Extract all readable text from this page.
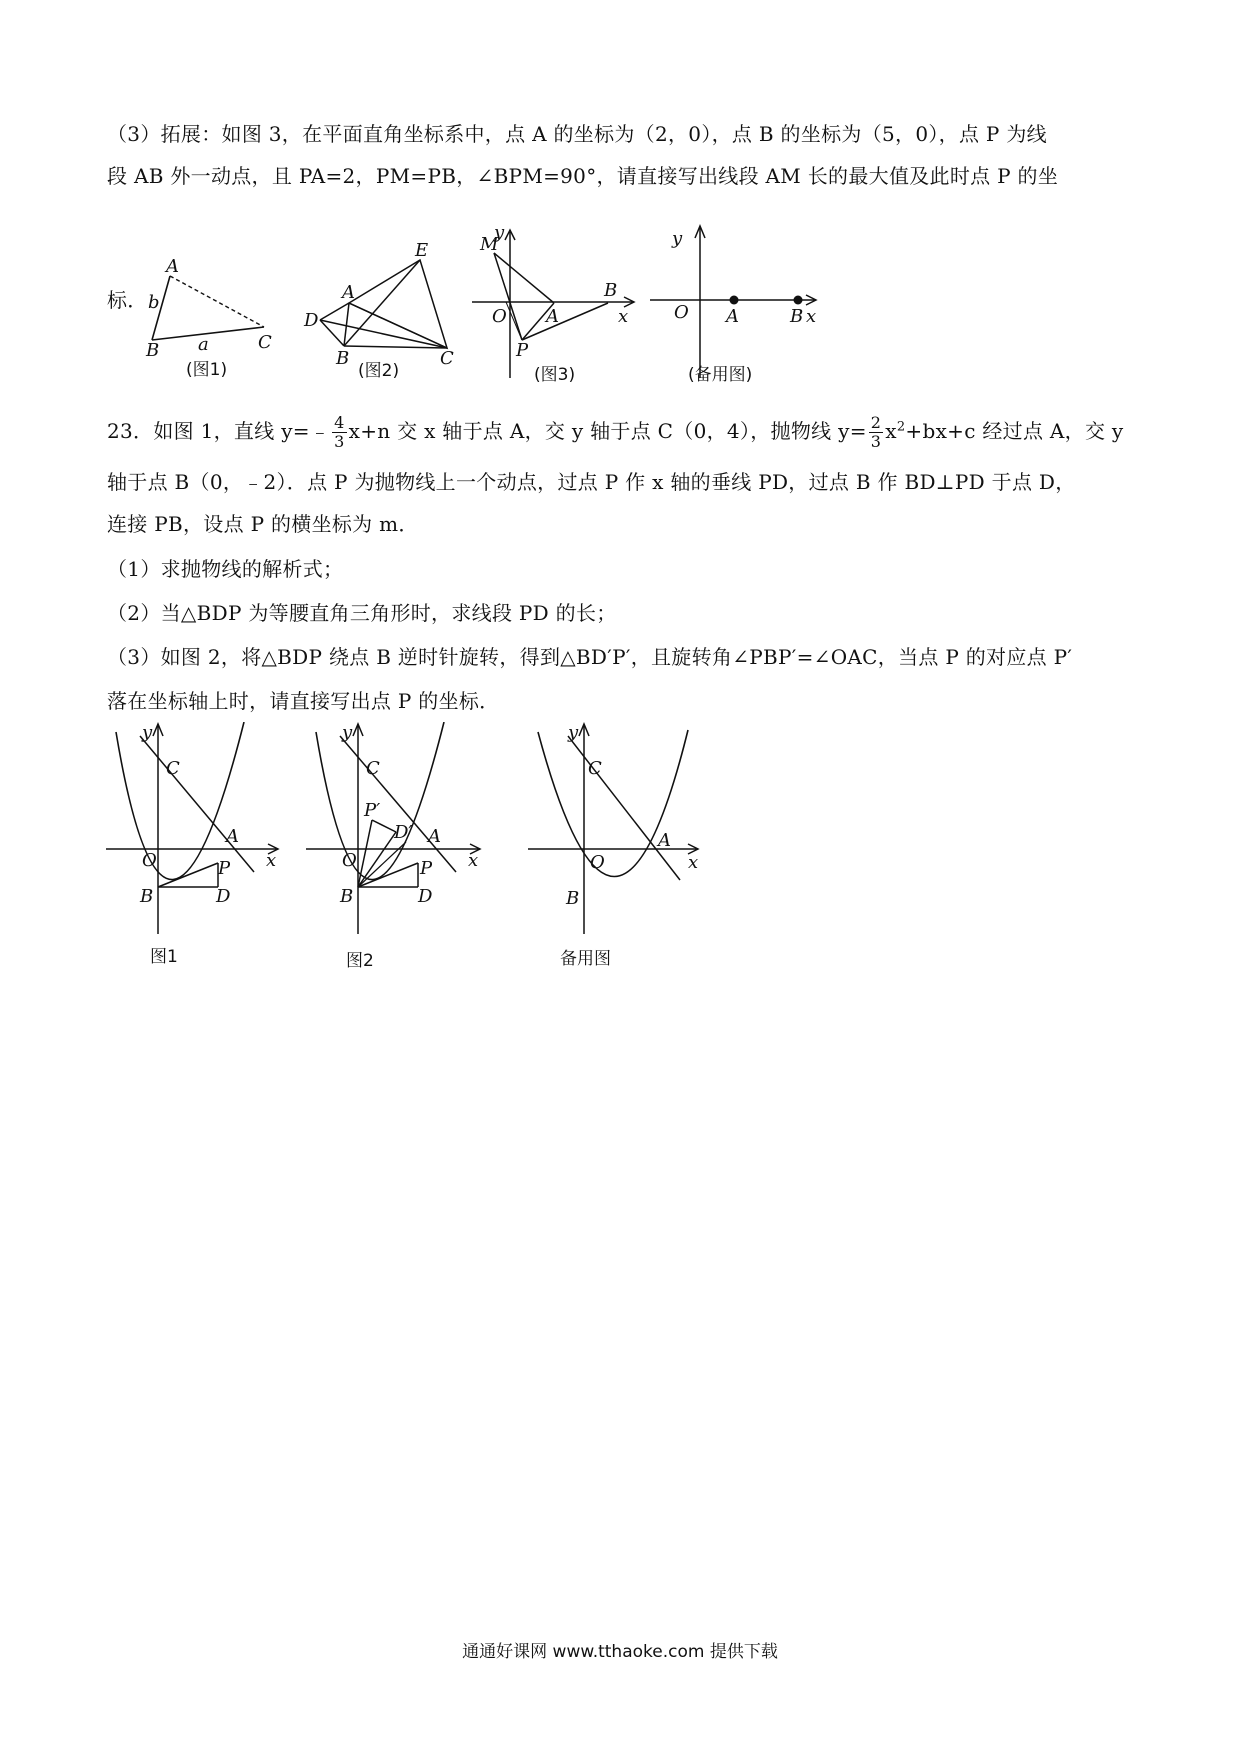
（3）拓展：如图 3，在平面直角坐标系中，点 A 的坐标为（2，0），点 B 的坐标为（5，0），点 P 为线
段 AB 外一动点，且 PA=2，PM=PB，∠BPM=90°，请直接写出线段 AM 长的最大值及此时点 P 的坐
标．
A
B	C
a
b
(图1)
E
A
D
B	C
(图2)
y
M
O A
B
P
x
(图3)
y
O A	B x
(备用图)
23．如图 1，直线 y=﹣ $\frac{4}{3} x+n$ 交 x 轴于点 A，交 y 轴于点 C（0，4），抛物线 $y= \frac{2}{3} x^2+bx+c$ 经过点 A，交 y
轴于点 B（0，﹣2）．点 P 为抛物线上一个动点，过点 P 作 x 轴的垂线 PD，过点 B 作 BD⊥PD 于点 D，
连接 PB，设点 P 的横坐标为 m．
（1）求抛物线的解析式；
（2）当△BDP 为等腰直角三角形时，求线段 PD 的长；
（3）如图 2，将△BDP 绕点 B 逆时针旋转，得到△BD′P′，且旋转角∠PBP′=∠OAC，当点 P 的对应点 P′
落在坐标轴上时，请直接写出点 P 的坐标．
y
C
A
O	x
P
B	D
图1
y
C
P′
D′ A
O	x
P
B	D
图2
y
C
A
O	x
B
备用图
通通好课网 www.tthaoke.com 提供下载
